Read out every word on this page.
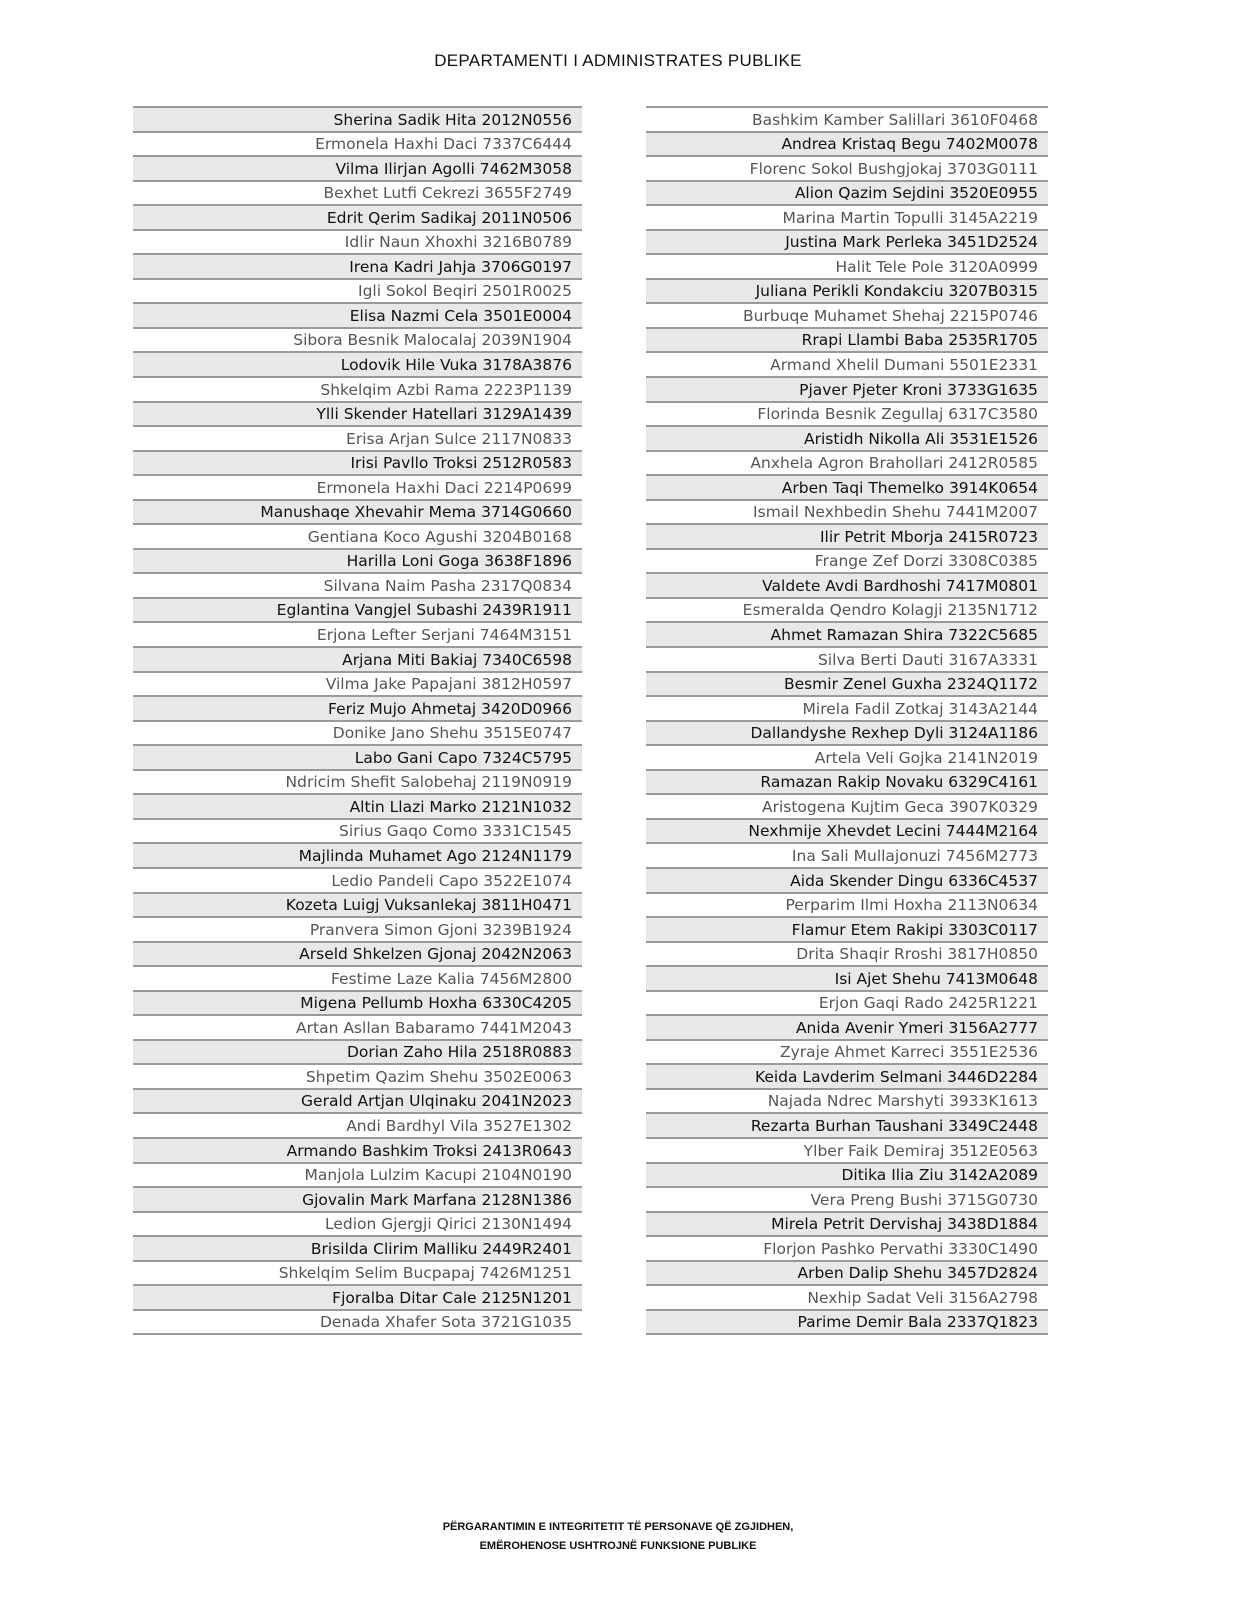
DEPARTAMENTI I ADMINISTRATES PUBLIKE
Sherina Sadik Hita 2012N0556
Ermonela Haxhi Daci 7337C6444
Vilma Ilirjan Agolli 7462M3058
Bexhet Lutfi Cekrezi 3655F2749
Edrit Qerim Sadikaj 2011N0506
Idlir Naun Xhoxhi 3216B0789
Irena Kadri Jahja 3706G0197
Igli Sokol Beqiri 2501R0025
Elisa Nazmi Cela 3501E0004
Sibora Besnik Malocalaj 2039N1904
Lodovik Hile Vuka 3178A3876
Shkelqim Azbi Rama 2223P1139
Ylli Skender Hatellari 3129A1439
Erisa Arjan Sulce 2117N0833
Irisi Pavllo Troksi 2512R0583
Ermonela Haxhi Daci 2214P0699
Manushaqe Xhevahir Mema 3714G0660
Gentiana Koco Agushi 3204B0168
Harilla Loni Goga 3638F1896
Silvana Naim Pasha 2317Q0834
Eglantina Vangjel Subashi 2439R1911
Erjona Lefter Serjani 7464M3151
Arjana Miti Bakiaj 7340C6598
Vilma Jake Papajani 3812H0597
Feriz Mujo Ahmetaj 3420D0966
Donike Jano Shehu 3515E0747
Labo Gani Capo 7324C5795
Ndricim Shefit Salobehaj 2119N0919
Altin Llazi Marko 2121N1032
Sirius Gaqo Como 3331C1545
Majlinda Muhamet Ago 2124N1179
Ledio Pandeli Capo 3522E1074
Kozeta Luigj Vuksanlekaj 3811H0471
Pranvera Simon Gjoni 3239B1924
Arseld Shkelzen Gjonaj 2042N2063
Festime Laze Kalia 7456M2800
Migena Pellumb Hoxha 6330C4205
Artan Asllan Babaramo 7441M2043
Dorian Zaho Hila 2518R0883
Shpetim Qazim Shehu 3502E0063
Gerald Artjan Ulqinaku 2041N2023
Andi Bardhyl Vila 3527E1302
Armando Bashkim Troksi 2413R0643
Manjola Lulzim Kacupi 2104N0190
Gjovalin Mark Marfana 2128N1386
Ledion Gjergji Qirici 2130N1494
Brisilda Clirim Malliku 2449R2401
Shkelqim Selim Bucpapaj 7426M1251
Fjoralba Ditar Cale 2125N1201
Denada Xhafer Sota 3721G1035
Bashkim Kamber Salillari 3610F0468
Andrea Kristaq Begu 7402M0078
Florenc Sokol Bushgjokaj 3703G0111
Alion Qazim Sejdini 3520E0955
Marina Martin Topulli 3145A2219
Justina Mark Perleka 3451D2524
Halit Tele Pole 3120A0999
Juliana Perikli Kondakciu 3207B0315
Burbuqe Muhamet Shehaj 2215P0746
Rrapi Llambi Baba 2535R1705
Armand Xhelil Dumani 5501E2331
Pjaver Pjeter Kroni 3733G1635
Florinda Besnik Zegullaj 6317C3580
Aristidh Nikolla Ali 3531E1526
Anxhela Agron Brahollari 2412R0585
Arben Taqi Themelko 3914K0654
Ismail Nexhbedin Shehu 7441M2007
Ilir Petrit Mborja 2415R0723
Frange Zef Dorzi 3308C0385
Valdete Avdi Bardhoshi 7417M0801
Esmeralda Qendro Kolagji 2135N1712
Ahmet Ramazan Shira 7322C5685
Silva Berti Dauti 3167A3331
Besmir Zenel Guxha 2324Q1172
Mirela Fadil Zotkaj 3143A2144
Dallandyshe Rexhep Dyli 3124A1186
Artela Veli Gojka 2141N2019
Ramazan Rakip Novaku 6329C4161
Aristogena Kujtim Geca 3907K0329
Nexhmije Xhevdet Lecini 7444M2164
Ina Sali Mullajonuzi 7456M2773
Aida Skender Dingu 6336C4537
Perparim Ilmi Hoxha 2113N0634
Flamur Etem Rakipi 3303C0117
Drita Shaqir Rroshi 3817H0850
Isi Ajet Shehu 7413M0648
Erjon Gaqi Rado 2425R1221
Anida Avenir Ymeri 3156A2777
Zyraje Ahmet Karreci 3551E2536
Keida Lavderim Selmani 3446D2284
Najada Ndrec Marshyti 3933K1613
Rezarta Burhan Taushani 3349C2448
Ylber Faik Demiraj 3512E0563
Ditika Ilia Ziu 3142A2089
Vera Preng Bushi 3715G0730
Mirela Petrit Dervishaj 3438D1884
Florjon Pashko Pervathi 3330C1490
Arben Dalip Shehu 3457D2824
Nexhip Sadat Veli 3156A2798
Parime Demir Bala 2337Q1823
PËRGARANTIMIN E INTEGRITETIT TË PERSONAVE QË ZGJIDHEN,
EMËROHENOSE USHTROJNË FUNKSIONE PUBLIKE
